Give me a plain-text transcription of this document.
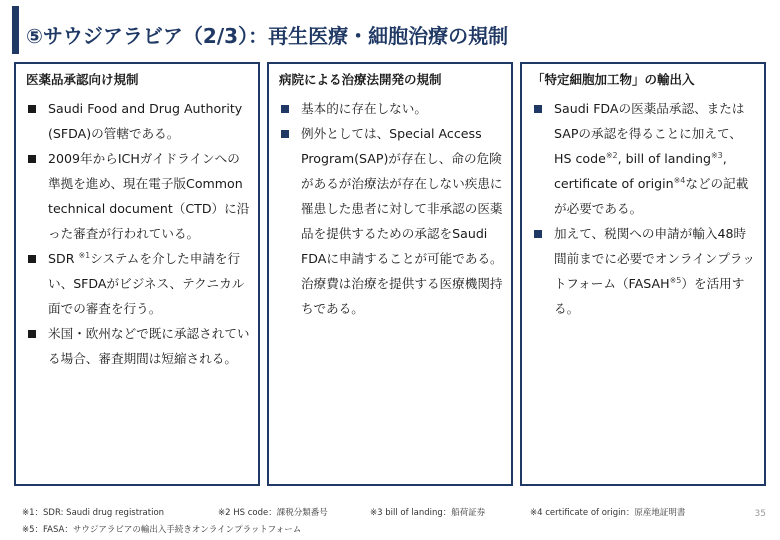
⑤サウジアラビア（2/3）：再生医療・細胞治療の規制
医薬品承認向け規制
Saudi Food and Drug Authority (SFDA)の管轄である。
2009年からICHガイドラインへの準拠を進め、現在電子版Common technical document（CTD）に沿った審査が行われている。
SDR $^{※1}$システムを介した申請を行い、SFDAがビジネス、テクニカル面での審査を行う。
米国・欧州などで既に承認されている場合、審査期間は短縮される。
病院による治療法開発の規制
基本的に存在しない。
例外としては、Special Access Program(SAP)が存在し、命の危険があるが治療法が存在しない疾患に罹患した患者に対して非承認の医薬品を提供するための承認をSaudi FDAに申請することが可能である。治療費は治療を提供する医療機関持ちである。
「特定細胞加工物」の輸出入
Saudi FDAの医薬品承認、またはSAPの承認を得ることに加えて、HS code$^{※2}$, bill of landing$^{※3}$, certificate of origin$^{※4}$などの記載が必要である。
加えて、税関への申請が輸入48時間前までに必要でオンラインプラットフォーム（FASAH$^{※5}$）を活用する。
※1：SDR: Saudi drug registration	※2 HS code：課税分類番号	※3 bill of landing：船荷証券	※4 certificate of origin：原産地証明書
※5：FASA：サウジアラビアの輸出入手続きオンラインプラットフォーム
35
